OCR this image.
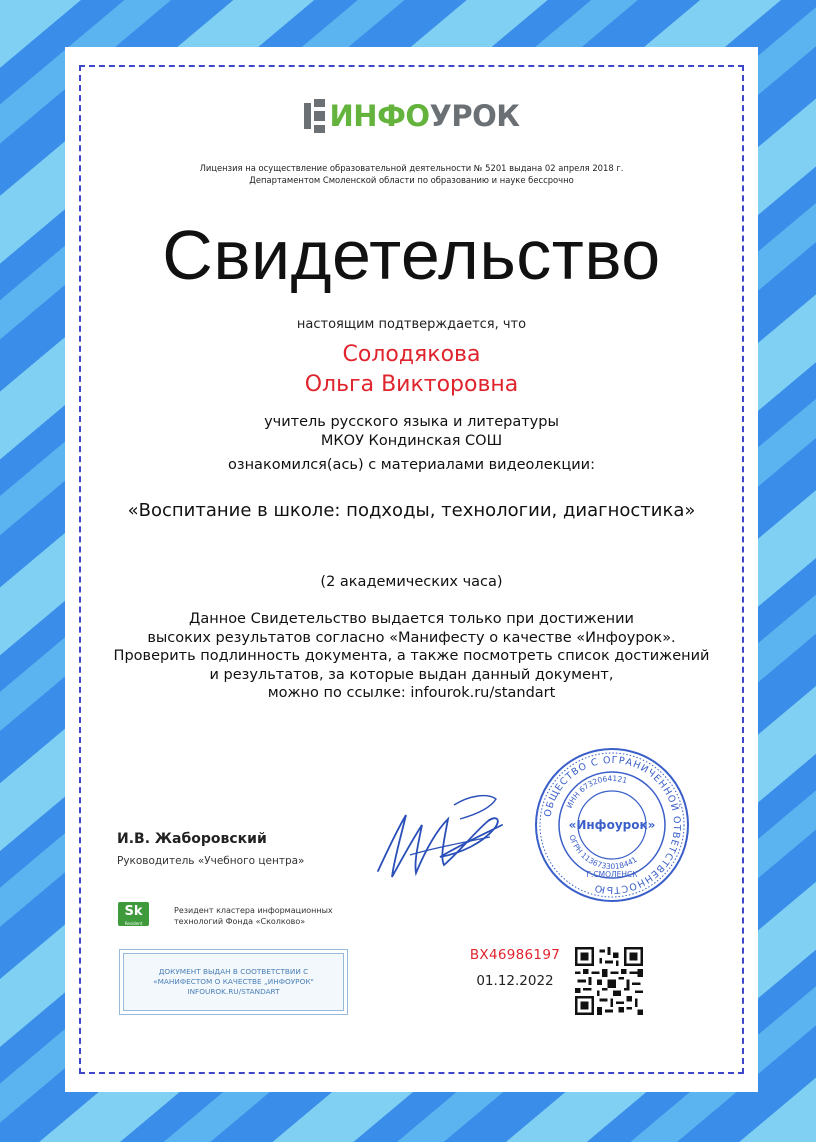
ИНФОУРОК
Лицензия на осуществление образовательной деятельности № 5201 выдана 02 апреля 2018 г.
Департаментом Смоленской области по образованию и науке бессрочно
Свидетельство
настоящим подтверждается, что
Солодякова
Ольга Викторовна
учитель русского языка и литературы
МКОУ Кондинская СОШ
ознакомился(ась) с материалами видеолекции:
«Воспитание в школе: подходы, технологии, диагностика»
(2 академических часа)
Данное Свидетельство выдается только при достижении
высоких результатов согласно «Манифесту о качестве «Инфоурок».
Проверить подлинность документа, а также посмотреть список достижений
и результатов, за которые выдан данный документ,
можно по ссылке: infourok.ru/standart
И.В. Жаборовский
Руководитель «Учебного центра»
ОБЩЕСТВО С ОГРАНИЧЕННОЙ ОТВЕТСТВЕННОСТЬЮ
ИНН 6732064121
ОГРН 1136733018441
Г.СМОЛЕНСК
«Инфоурок»
Sk
Resident
Резидент кластера информационных
технологий Фонда «Сколково»
ДОКУМЕНТ ВЫДАН В СООТВЕТСТВИИ С
«МАНИФЕСТОМ О КАЧЕСТВЕ „ИНФОУРОК"
INFOUROK.RU/STANDART
ВХ46986197
01.12.2022
